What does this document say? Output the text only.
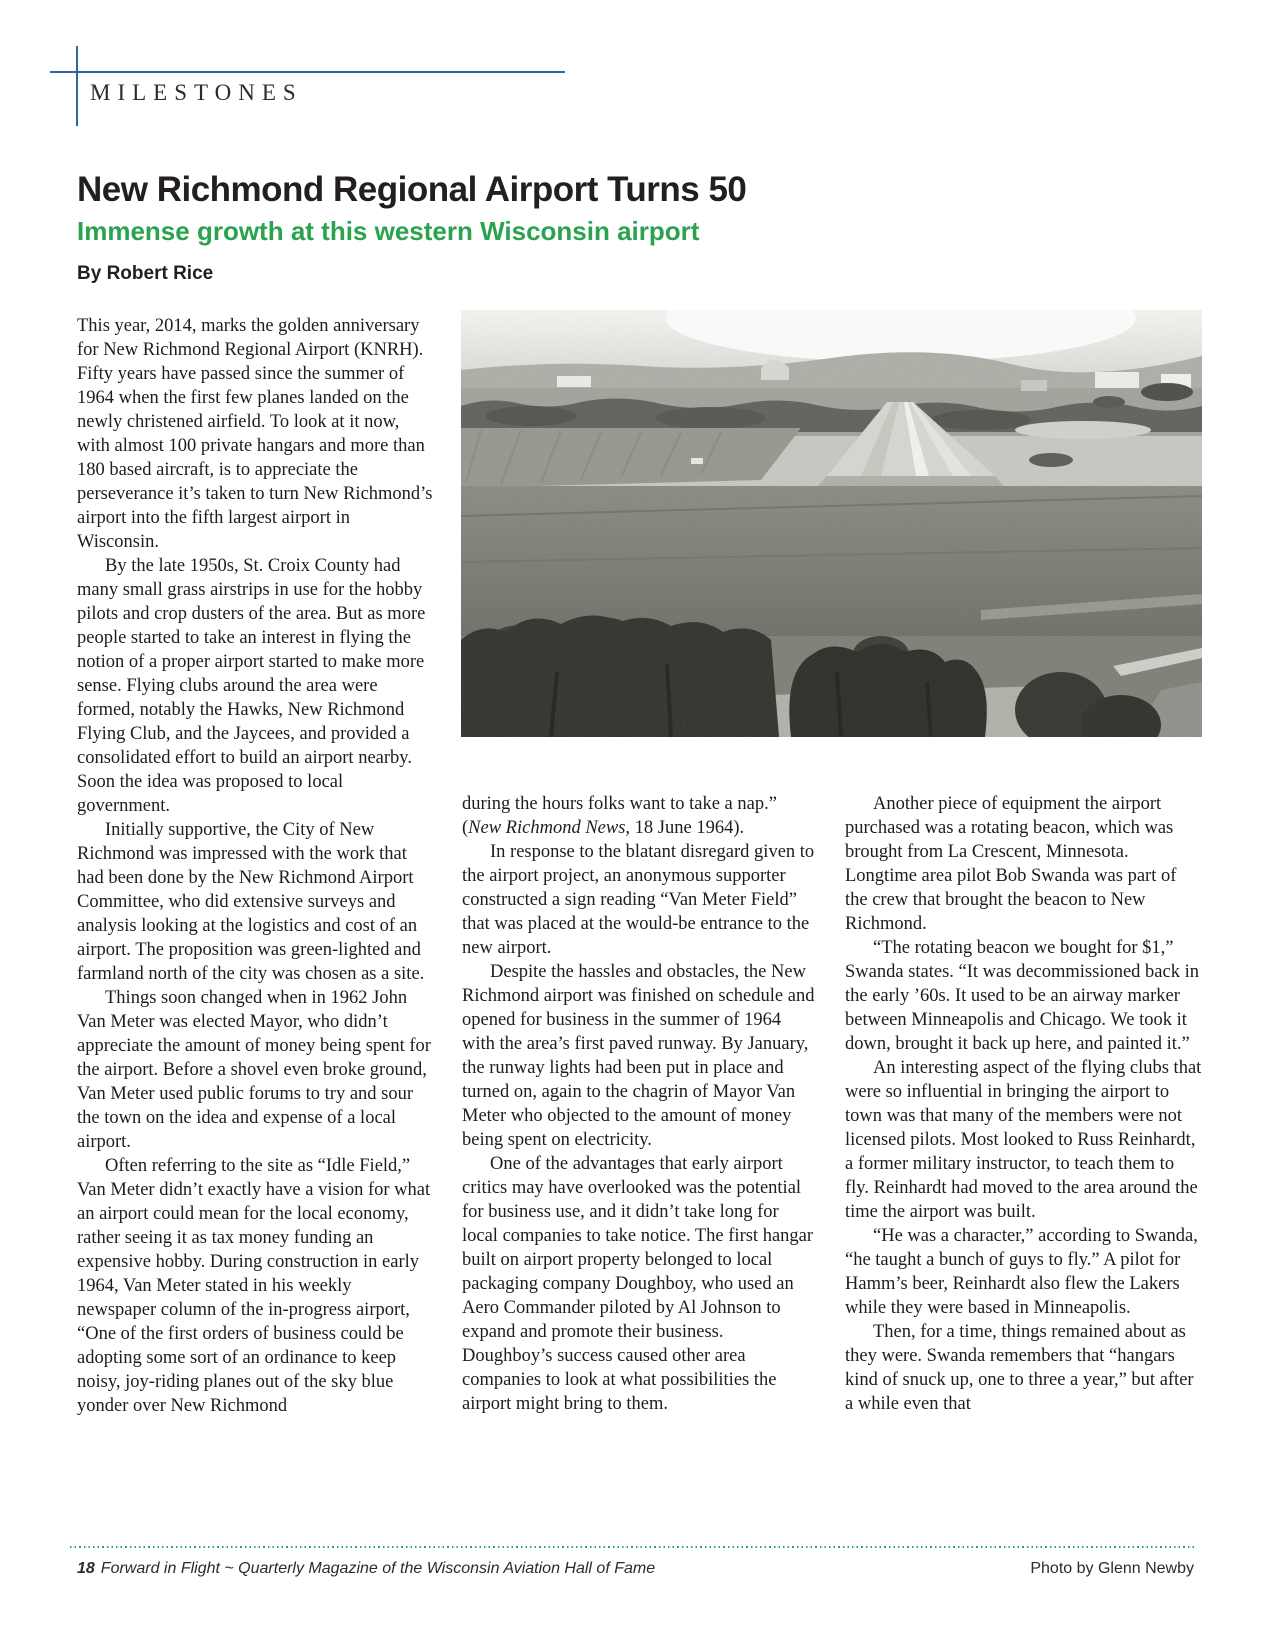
MILESTONES
New Richmond Regional Airport Turns 50
Immense growth at this western Wisconsin airport
By Robert Rice

This year, 2014, marks the golden anniversary for New Richmond Regional Airport (KNRH). Fifty years have passed since the summer of 1964 when the first few planes landed on the newly christened airfield. To look at it now, with almost 100 private hangars and more than 180 based aircraft, is to appreciate the perseverance it’s taken to turn New Richmond’s airport into the fifth largest airport in Wisconsin.

By the late 1950s, St. Croix County had many small grass airstrips in use for the hobby pilots and crop dusters of the area. But as more people started to take an interest in flying the notion of a proper airport started to make more sense. Flying clubs around the area were formed, notably the Hawks, New Richmond Flying Club, and the Jaycees, and provided a consolidated effort to build an airport nearby. Soon the idea was proposed to local government.

Initially supportive, the City of New Richmond was impressed with the work that had been done by the New Richmond Airport Committee, who did extensive surveys and analysis looking at the logistics and cost of an airport. The proposition was green-lighted and farmland north of the city was chosen as a site.

Things soon changed when in 1962 John Van Meter was elected Mayor, who didn’t appreciate the amount of money being spent for the airport. Before a shovel even broke ground, Van Meter used public forums to try and sour the town on the idea and expense of a local airport.

Often referring to the site as “Idle Field,” Van Meter didn’t exactly have a vision for what an airport could mean for the local economy, rather seeing it as tax money funding an expensive hobby. During construction in early 1964, Van Meter stated in his weekly newspaper column of the in-progress airport, “One of the first orders of business could be adopting some sort of an ordinance to keep noisy, joy-riding planes out of the sky blue yonder over New Richmond

during the hours folks want to take a nap.” (New Richmond News, 18 June 1964).

In response to the blatant disregard given to the airport project, an anonymous supporter constructed a sign reading “Van Meter Field” that was placed at the would-be entrance to the new airport.

Despite the hassles and obstacles, the New Richmond airport was finished on schedule and opened for business in the summer of 1964 with the area’s first paved runway. By January, the runway lights had been put in place and turned on, again to the chagrin of Mayor Van Meter who objected to the amount of money being spent on electricity.

One of the advantages that early airport critics may have overlooked was the potential for business use, and it didn’t take long for local companies to take notice. The first hangar built on airport property belonged to local packaging company Doughboy, who used an Aero Commander piloted by Al Johnson to expand and promote their business. Doughboy’s success caused other area companies to look at what possibilities the airport might bring to them.

Another piece of equipment the airport purchased was a rotating beacon, which was brought from La Crescent, Minnesota. Longtime area pilot Bob Swanda was part of the crew that brought the beacon to New Richmond.

“The rotating beacon we bought for $1,” Swanda states. “It was decommissioned back in the early ’60s. It used to be an airway marker between Minneapolis and Chicago. We took it down, brought it back up here, and painted it.”

An interesting aspect of the flying clubs that were so influential in bringing the airport to town was that many of the members were not licensed pilots. Most looked to Russ Reinhardt, a former military instructor, to teach them to fly. Reinhardt had moved to the area around the time the airport was built.

“He was a character,” according to Swanda, “he taught a bunch of guys to fly.” A pilot for Hamm’s beer, Reinhardt also flew the Lakers while they were based in Minneapolis.

Then, for a time, things remained about as they were. Swanda remembers that “hangars kind of snuck up, one to three a year,” but after a while even that

18 Forward in Flight ~ Quarterly Magazine of the Wisconsin Aviation Hall of Fame	Photo by Glenn Newby
